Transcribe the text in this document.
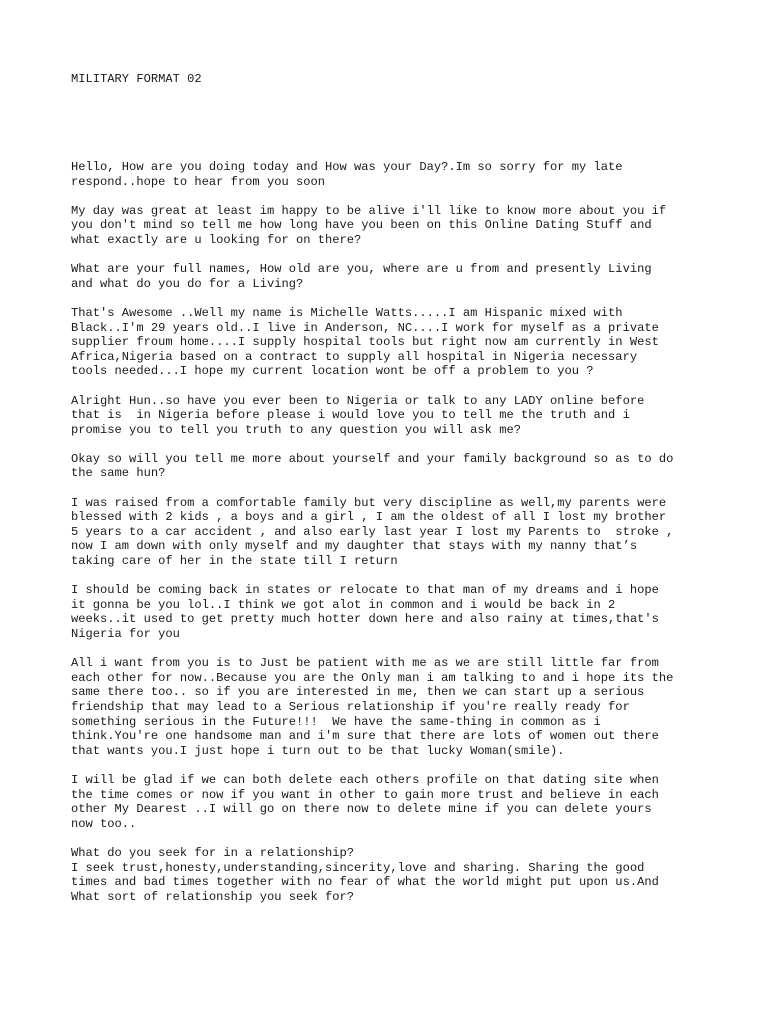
MILITARY FORMAT 02

Hello, How are you doing today and How was your Day?.Im so sorry for my late
respond..hope to hear from you soon

My day was great at least im happy to be alive i'll like to know more about you if
you don't mind so tell me how long have you been on this Online Dating Stuff and
what exactly are u looking for on there?

What are your full names, How old are you, where are u from and presently Living
and what do you do for a Living?

That's Awesome ..Well my name is Michelle Watts.....I am Hispanic mixed with
Black..I'm 29 years old..I live in Anderson, NC....I work for myself as a private
supplier froum home....I supply hospital tools but right now am currently in West
Africa,Nigeria based on a contract to supply all hospital in Nigeria necessary
tools needed...I hope my current location wont be off a problem to you ?

Alright Hun..so have you ever been to Nigeria or talk to any LADY online before
that is  in Nigeria before please i would love you to tell me the truth and i
promise you to tell you truth to any question you will ask me?

Okay so will you tell me more about yourself and your family background so as to do
the same hun?

I was raised from a comfortable family but very discipline as well,my parents were
blessed with 2 kids , a boys and a girl , I am the oldest of all I lost my brother
5 years to a car accident , and also early last year I lost my Parents to  stroke ,
now I am down with only myself and my daughter that stays with my nanny that’s
taking care of her in the state till I return

I should be coming back in states or relocate to that man of my dreams and i hope
it gonna be you lol..I think we got alot in common and i would be back in 2
weeks..it used to get pretty much hotter down here and also rainy at times,that's
Nigeria for you

All i want from you is to Just be patient with me as we are still little far from
each other for now..Because you are the Only man i am talking to and i hope its the
same there too.. so if you are interested in me, then we can start up a serious
friendship that may lead to a Serious relationship if you're really ready for
something serious in the Future!!!  We have the same-thing in common as i
think.You're one handsome man and i'm sure that there are lots of women out there
that wants you.I just hope i turn out to be that lucky Woman(smile).

I will be glad if we can both delete each others profile on that dating site when
the time comes or now if you want in other to gain more trust and believe in each
other My Dearest ..I will go on there now to delete mine if you can delete yours
now too..

What do you seek for in a relationship?
I seek trust,honesty,understanding,sincerity,love and sharing. Sharing the good
times and bad times together with no fear of what the world might put upon us.And
What sort of relationship you seek for?
